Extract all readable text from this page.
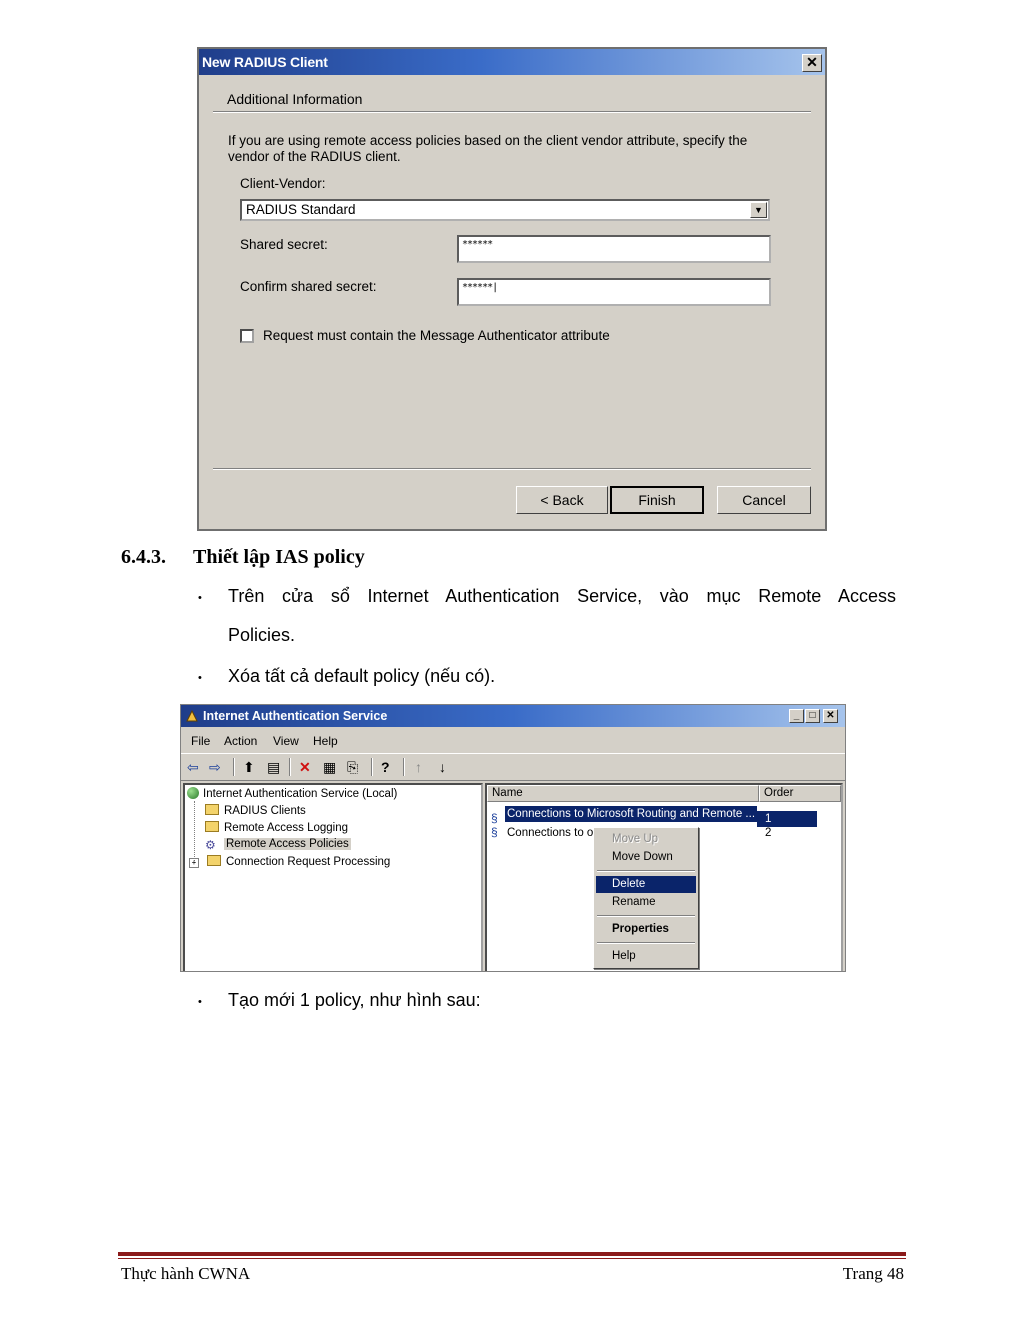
New RADIUS Client	✕
Additional Information
If you are using remote access policies based on the client vendor attribute, specify the vendor of the RADIUS client.
Client-Vendor:
RADIUS Standard	▼
Shared secret:	******
Confirm shared secret:	******|
Request must contain the Message Authenticator attribute
< Back	Finish	Cancel
6.4.3. Thiết lập IAS policy
• Trên cửa sổ Internet Authentication Service, vào mục Remote Access
Policies.
• Xóa tất cả default policy (nếu có).
Internet Authentication Service	_	□	✕
File Action View Help
⇦ ⇨ ⬆ ▤ ✕ ▦ ⎘ ? ↑ ↓
Internet Authentication Service (Local)
RADIUS Clients
Remote Access Logging
⚙ Remote Access Policies
+	Connection Request Processing
Name	Order
§ Connections to Microsoft Routing and Remote ... 1
§ Connections to o	2
Move Up
Move Down
Delete
Rename
Properties
Help
• Tạo mới 1 policy, như hình sau:
Thực hành CWNA	Trang 48
